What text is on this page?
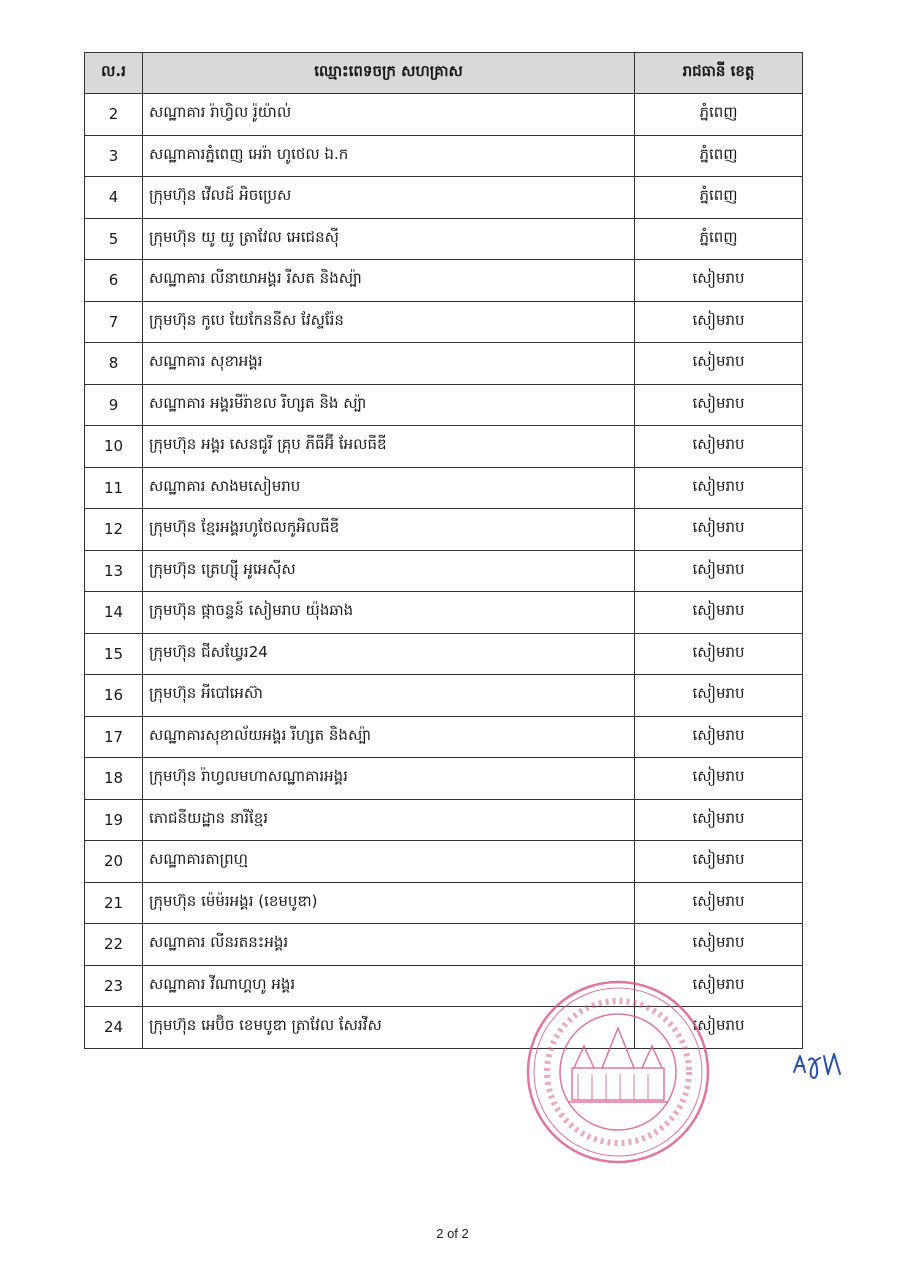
ល.រ	ឈ្មោះពេទចក្រ សហគ្រាស	រាជធានី ខេត្ត
2	សណ្ឋាគារ រ៉ាហ្វិល រ៉ូយ៉ាល់	ភ្នំពេញ
3	សណ្ឋាគារភ្នំពេញ អេរ៉ា ហូថេល ឯ.ក	ភ្នំពេញ
4	ក្រុមហ៊ុន វើលដ៍ អិចប្រេស	ភ្នំពេញ
5	ក្រុមហ៊ុន យូ យូ ត្រាវែល អេជេនស៊ី	ភ្នំពេញ
6	សណ្ឋាគារ លីនាយាអង្គរ រីសត និងស្ប៉ា	សៀមរាប
7	ក្រុមហ៊ុន កូបេ យែកែននីស វែស្ទរ៉ែន	សៀមរាប
8	សណ្ឋាគារ សុខាអង្គរ	សៀមរាប
9	សណ្ឋាគារ អង្គរមីរ៉ាខល រីហ្សត និង ស្ប៉ា	សៀមរាប
10	ក្រុមហ៊ុន អង្គរ សេនជូរី គ្រុប ភីធីអ៊ី អែលធីឌី	សៀមរាប
11	សណ្ឋាគារ សាងមសៀមរាប	សៀមរាប
12	ក្រុមហ៊ុន ខ្មែរអង្គរហូថែលកូអិលធីឌី	សៀមរាប
13	ក្រុមហ៊ុន ត្រេហ្ស៊ី អូអេស៊ីស	សៀមរាប
14	ក្រុមហ៊ុន ផ្កាចន្ទន៍ សៀមរាប យ៉ុងឆាង	សៀមរាប
15	ក្រុមហ៊ុន ជីសឃ្វែរ24	សៀមរាប
16	ក្រុមហ៊ុន អីបៅអេស៊ា	សៀមរាប
17	សណ្ឋាគារសុខាល័យអង្គរ រីហ្សត និងស្ប៉ា	សៀមរាប
18	ក្រុមហ៊ុន រ៉ាហ្វលមហាសណ្ឋាគារអង្គរ	សៀមរាប
19	ភោជនីយដ្ឋាន នារីខ្មែរ	សៀមរាប
20	សណ្ឋាគារតាព្រហ្ម	សៀមរាប
21	ក្រុមហ៊ុន ម៉េម៉រអង្គរ (ខេមបូឌា)	សៀមរាប
22	សណ្ឋាគារ លីនរតនះអង្គរ	សៀមរាប
23	សណ្ឋាគារ វីណាហ្គហូ អង្គរ	សៀមរាប
24	ក្រុមហ៊ុន អេប៊ិច ខេមបូឌា ត្រាវែល សែរវីស	សៀមរាប
2 of 2
